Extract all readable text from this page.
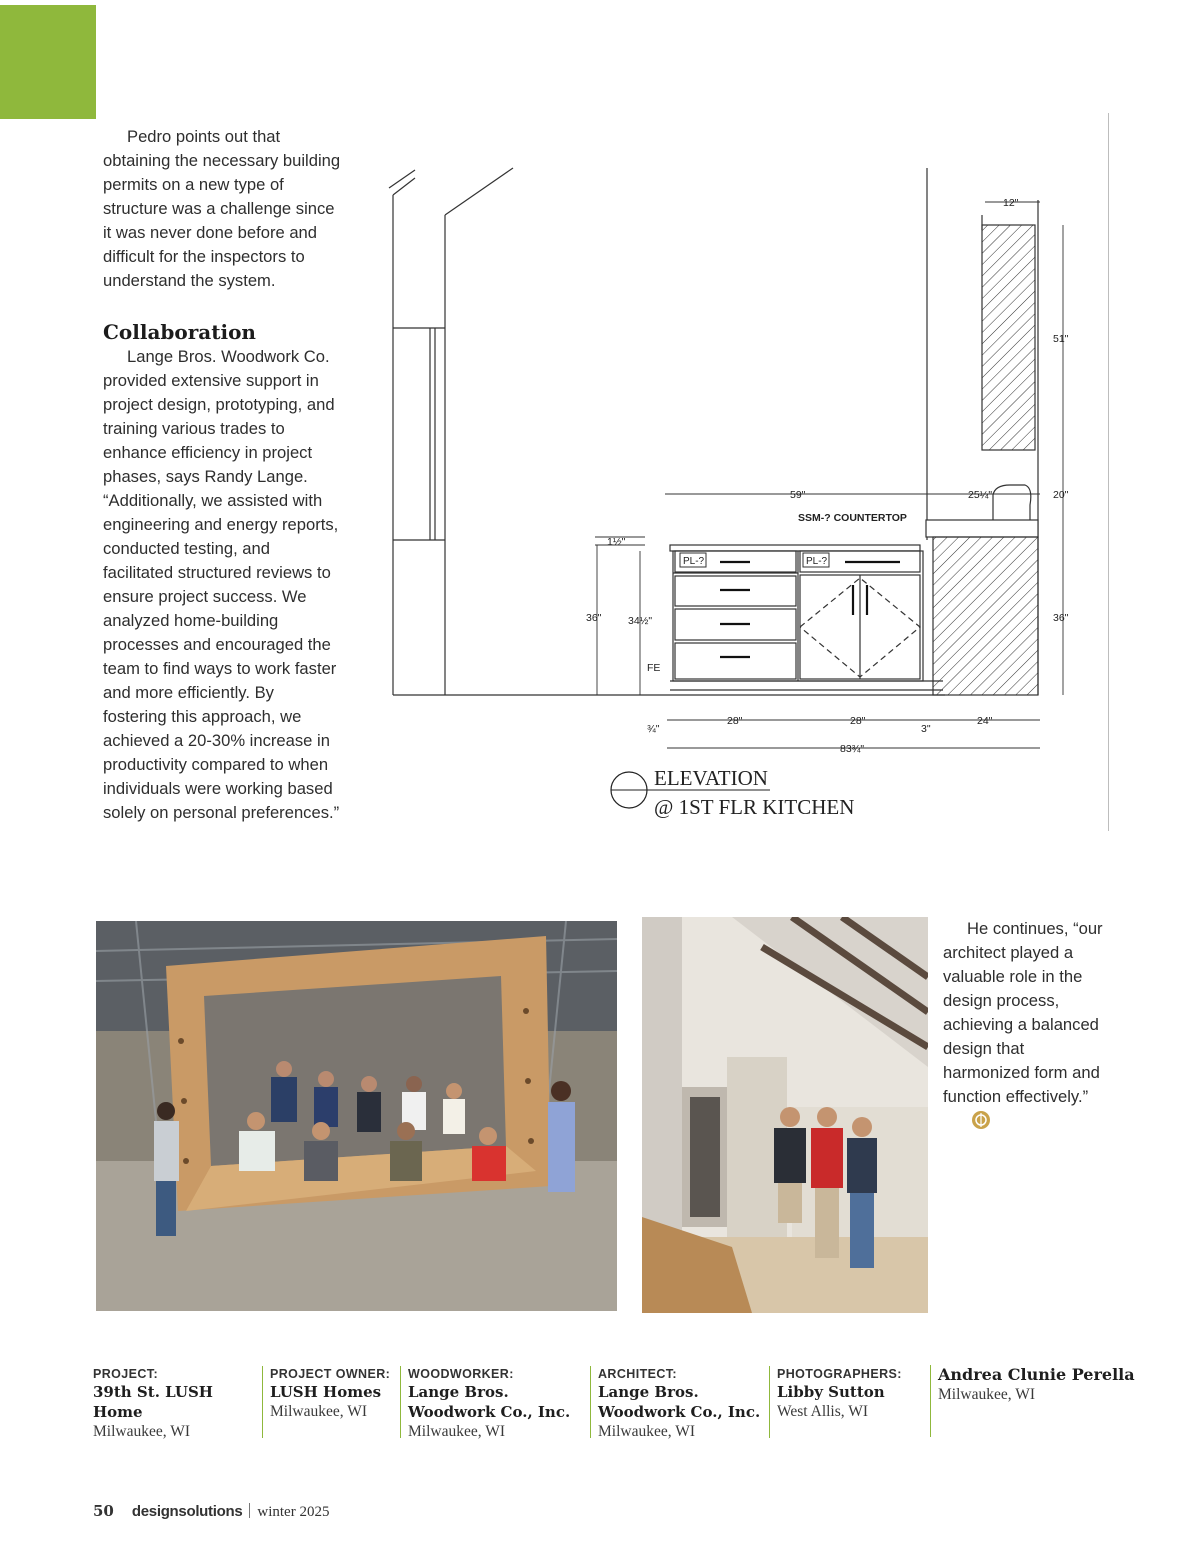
Pedro points out that obtaining the necessary building permits on a new type of structure was a challenge since it was never done before and difficult for the inspectors to understand the system.

Collaboration

Lange Bros. Woodwork Co. provided extensive support in project design, prototyping, and training various trades to enhance efficiency in project phases, says Randy Lange. “Additionally, we assisted with engineering and energy reports, conducted testing, and facilitated structured reviews to ensure project success. We analyzed home-building processes and encouraged the team to find ways to work faster and more efficiently. By fostering this approach, we achieved a 20-30% increase in productivity compared to when individuals were working based solely on personal preferences.”

12"
51"
59"	25¼"	20"
SSM-? COUNTERTOP
1½"
36"	34½"	36"
FE
¾"
28"	28"
3"
24"
83¾"
PL-?	PL-?
ELEVATION
@ 1ST FLR KITCHEN

He continues, “our architect played a valuable role in the design process, achieving a balanced design that harmonized form and function effectively.”

PROJECT:
39th St. LUSH Home
Milwaukee, WI
PROJECT OWNER:
LUSH Homes
Milwaukee, WI
WOODWORKER:
Lange Bros. Woodwork Co., Inc.
Milwaukee, WI
ARCHITECT:
Lange Bros. Woodwork Co., Inc.
Milwaukee, WI
PHOTOGRAPHERS:
Libby Sutton
West Allis, WI
Andrea Clunie Perella
Milwaukee, WI
50 designsolutions winter 2025
